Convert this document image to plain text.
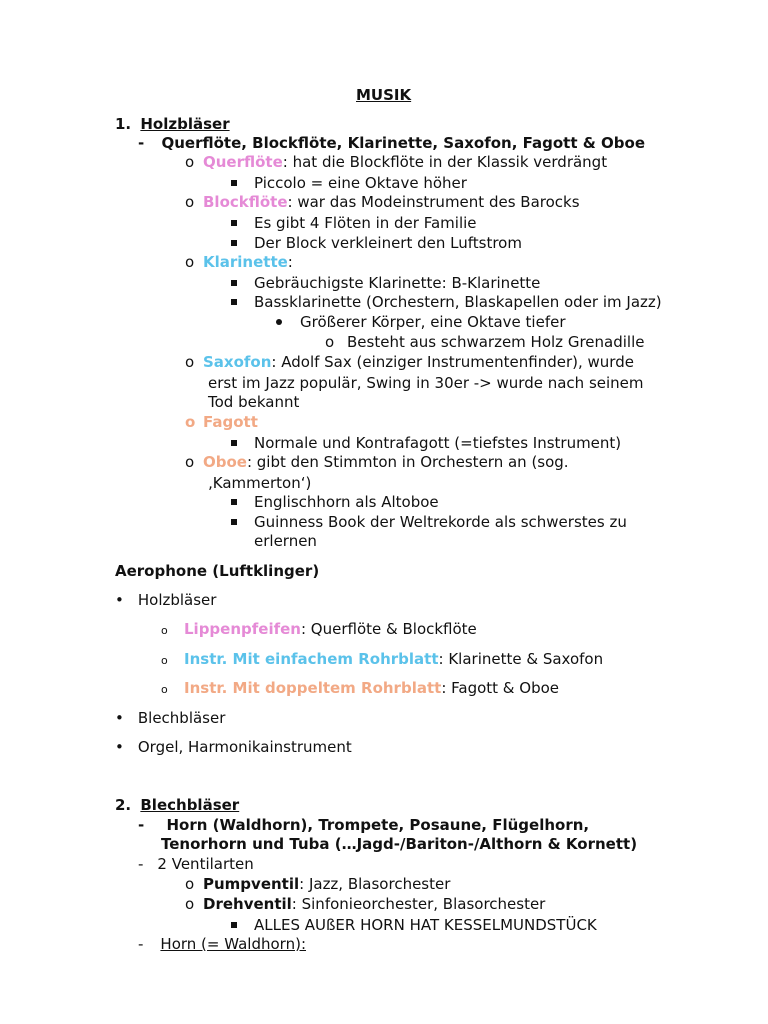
MUSIK
1. Holzbläser
- Querflöte, Blockflöte, Klarinette, Saxofon, Fagott & Oboe
o Querflöte: hat die Blockflöte in der Klassik verdrängt
Piccolo = eine Oktave höher
o Blockflöte: war das Modeinstrument des Barocks
Es gibt 4 Flöten in der Familie
Der Block verkleinert den Luftstrom
o Klarinette:
Gebräuchigste Klarinette: B-Klarinette
Bassklarinette (Orchestern, Blaskapellen oder im Jazz)
Größerer Körper, eine Oktave tiefer
o Besteht aus schwarzem Holz Grenadille
o Saxofon: Adolf Sax (einziger Instrumentenfinder), wurde
erst im Jazz populär, Swing in 30er -> wurde nach seinem
Tod bekannt
o Fagott
Normale und Kontrafagott (=tiefstes Instrument)
o Oboe: gibt den Stimmton in Orchestern an (sog.
‚Kammerton‘)
Englischhorn als Altoboe
Guinness Book der Weltrekorde als schwerstes zu
erlernen
Aerophone (Luftklinger)
• Holzbläser
o Lippenpfeifen: Querflöte & Blockflöte
o Instr. Mit einfachem Rohrblatt: Klarinette & Saxofon
o Instr. Mit doppeltem Rohrblatt: Fagott & Oboe
• Blechbläser
• Orgel, Harmonikainstrument
2. Blechbläser
- Horn (Waldhorn), Trompete, Posaune, Flügelhorn,
Tenorhorn und Tuba (…Jagd-/Bariton-/Althorn & Kornett)
- 2 Ventilarten
o Pumpventil: Jazz, Blasorchester
o Drehventil: Sinfonieorchester, Blasorchester
ALLES AUßER HORN HAT KESSELMUNDSTÜCK
- Horn (= Waldhorn):
